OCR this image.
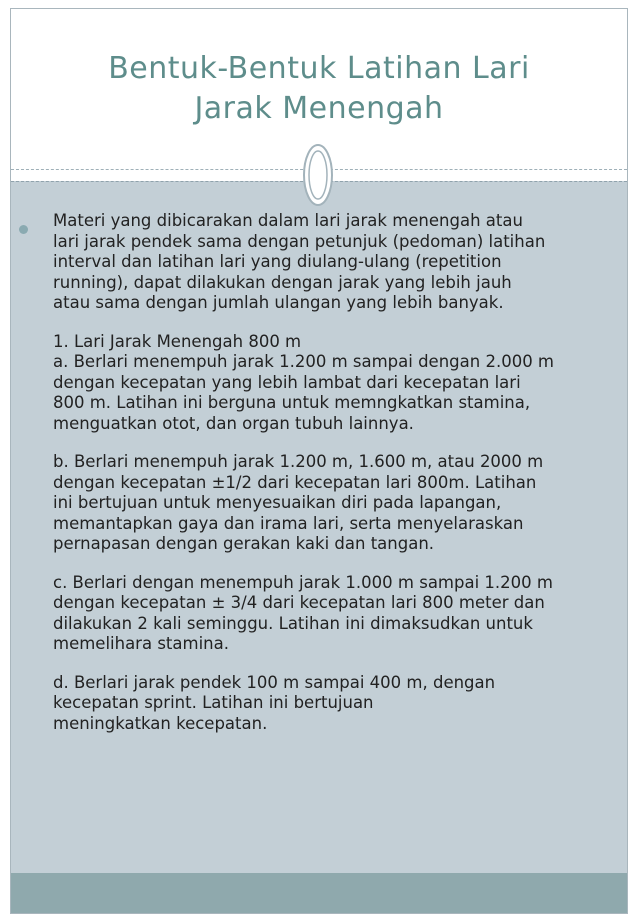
Bentuk-Bentuk Latihan Lari
Jarak Menengah

Materi yang dibicarakan dalam lari jarak menengah atau
lari jarak pendek sama dengan petunjuk (pedoman) latihan
interval dan latihan lari yang diulang-ulang (repetition
running), dapat dilakukan dengan jarak yang lebih jauh
atau sama dengan jumlah ulangan yang lebih banyak.

1. Lari Jarak Menengah 800 m
a. Berlari menempuh jarak 1.200 m sampai dengan 2.000 m
dengan kecepatan yang lebih lambat dari kecepatan lari
800 m. Latihan ini berguna untuk memngkatkan stamina,
menguatkan otot, dan organ tubuh lainnya.

b. Berlari menempuh jarak 1.200 m, 1.600 m, atau 2000 m
dengan kecepatan ±1/2 dari kecepatan lari 800m. Latihan
ini bertujuan untuk menyesuaikan diri pada lapangan,
memantapkan gaya dan irama lari, serta menyelaraskan
pernapasan dengan gerakan kaki dan tangan.

c. Berlari dengan menempuh jarak 1.000 m sampai 1.200 m
dengan kecepatan ± 3/4 dari kecepatan lari 800 meter dan
dilakukan 2 kali seminggu. Latihan ini dimaksudkan untuk
memelihara stamina.

d. Berlari jarak pendek 100 m sampai 400 m, dengan
kecepatan sprint. Latihan ini bertujuan
meningkatkan kecepatan.
